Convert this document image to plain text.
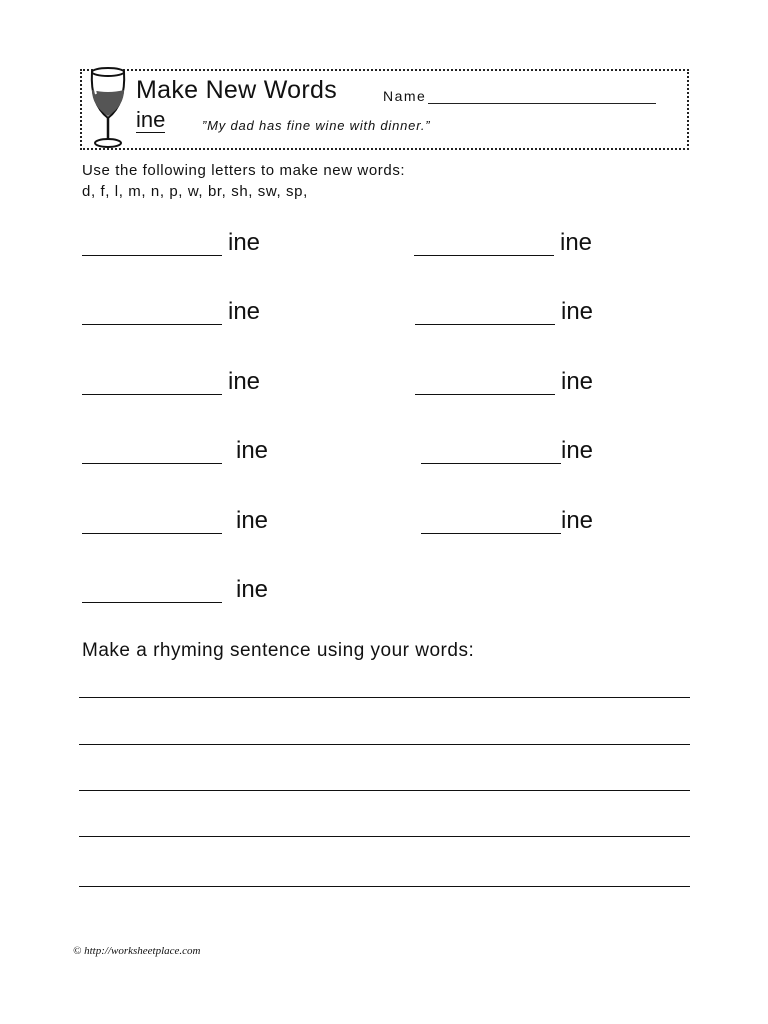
Make New Words	Name
ine	”My dad has fine wine with dinner.”
Use the following letters to make new words:
d, f, l, m, n, p, w, br, sh, sw, sp,
ine
ine
ine
ine
ine
ine
ine
ine
ine
ine
ine
Make a rhyming sentence using your words:
© http://worksheetplace.com
